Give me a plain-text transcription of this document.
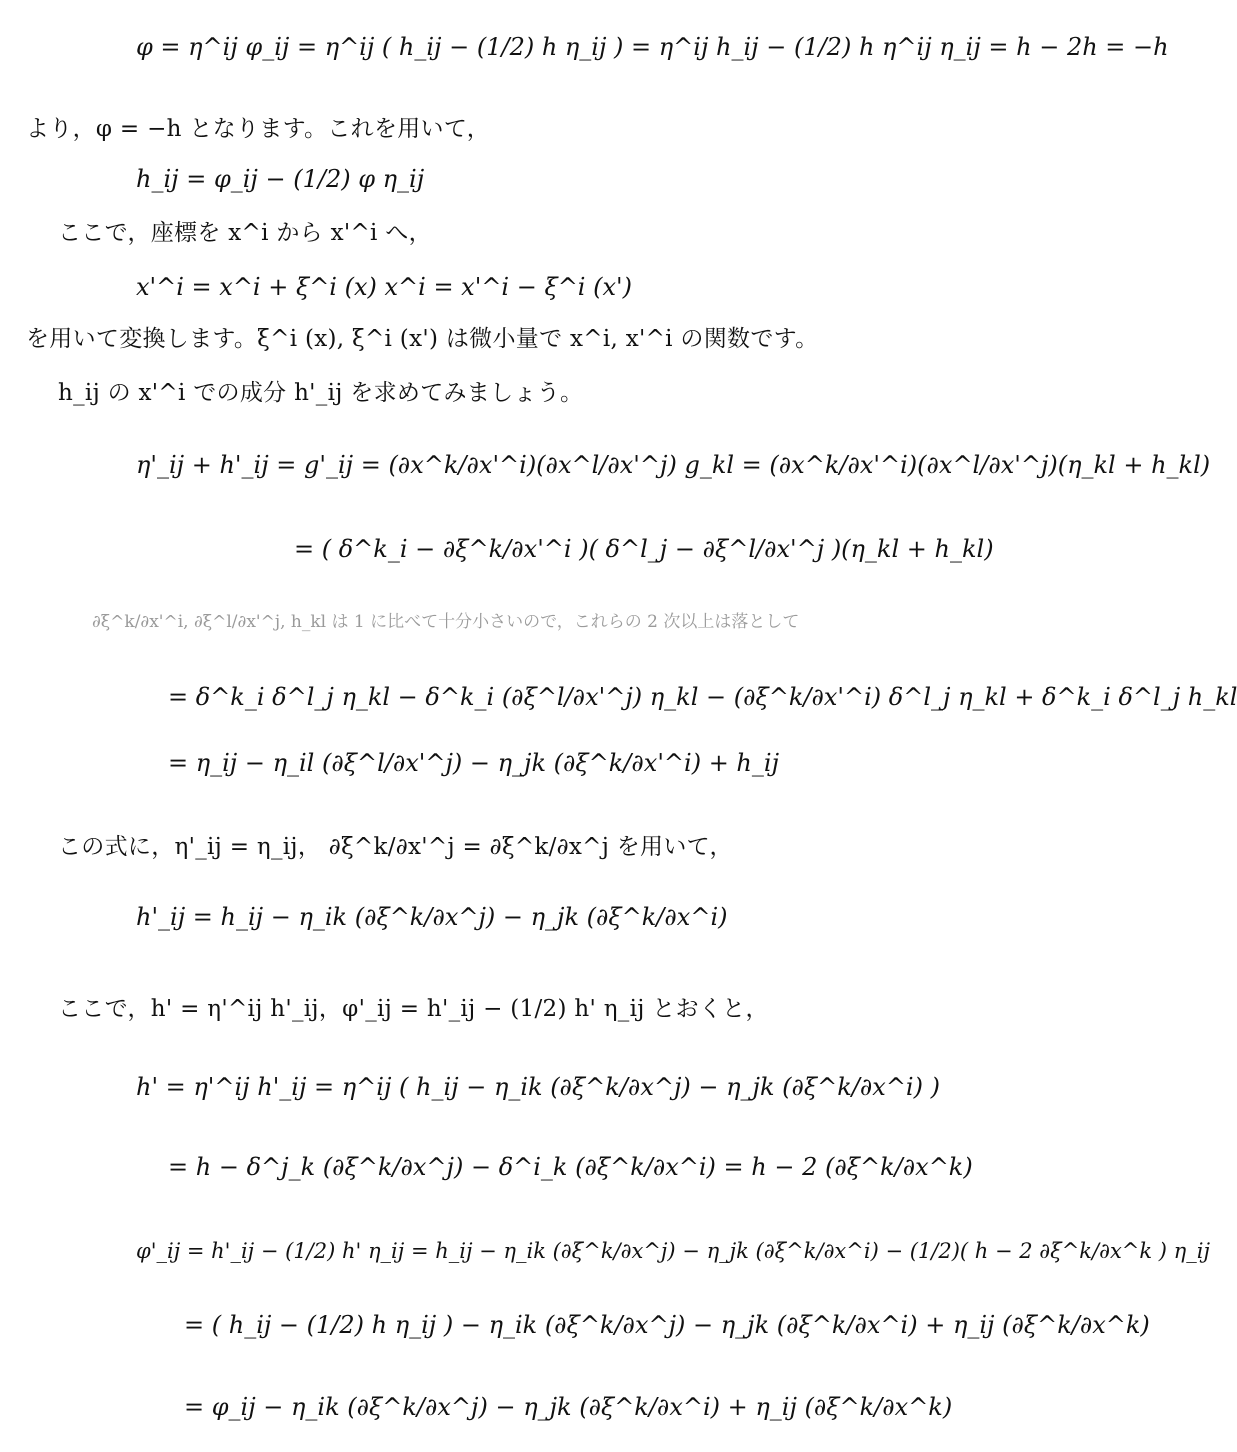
φ = η^ij φ_ij = η^ij ( h_ij − (1/2) h η_ij ) = η^ij h_ij − (1/2) h η^ij η_ij = h − 2h = −h
より，φ = −h となります。これを用いて，
h_ij = φ_ij − (1/2) φ η_ij
ここで，座標を x^i から x'^i へ，
x'^i = x^i + ξ^i (x) x^i = x'^i − ξ^i (x')
を用いて変換します。ξ^i (x), ξ^i (x') は微小量で x^i, x'^i の関数です。
h_ij の x'^i での成分 h'_ij を求めてみましょう。
η'_ij + h'_ij = g'_ij = (∂x^k/∂x'^i)(∂x^l/∂x'^j) g_kl = (∂x^k/∂x'^i)(∂x^l/∂x'^j)(η_kl + h_kl)
= ( δ^k_i − ∂ξ^k/∂x'^i )( δ^l_j − ∂ξ^l/∂x'^j )(η_kl + h_kl)
∂ξ^k/∂x'^i, ∂ξ^l/∂x'^j, h_kl は 1 に比べて十分小さいので，これらの 2 次以上は落として
= δ^k_i δ^l_j η_kl − δ^k_i (∂ξ^l/∂x'^j) η_kl − (∂ξ^k/∂x'^i) δ^l_j η_kl + δ^k_i δ^l_j h_kl
= η_ij − η_il (∂ξ^l/∂x'^j) − η_jk (∂ξ^k/∂x'^i) + h_ij
この式に，η'_ij = η_ij， ∂ξ^k/∂x'^j = ∂ξ^k/∂x^j を用いて，
h'_ij = h_ij − η_ik (∂ξ^k/∂x^j) − η_jk (∂ξ^k/∂x^i)
ここで，h' = η'^ij h'_ij，φ'_ij = h'_ij − (1/2) h' η_ij とおくと，
h' = η'^ij h'_ij = η^ij ( h_ij − η_ik (∂ξ^k/∂x^j) − η_jk (∂ξ^k/∂x^i) )
= h − δ^j_k (∂ξ^k/∂x^j) − δ^i_k (∂ξ^k/∂x^i) = h − 2 (∂ξ^k/∂x^k)
φ'_ij = h'_ij − (1/2) h' η_ij = h_ij − η_ik (∂ξ^k/∂x^j) − η_jk (∂ξ^k/∂x^i) − (1/2)( h − 2 ∂ξ^k/∂x^k ) η_ij
= ( h_ij − (1/2) h η_ij ) − η_ik (∂ξ^k/∂x^j) − η_jk (∂ξ^k/∂x^i) + η_ij (∂ξ^k/∂x^k)
= φ_ij − η_ik (∂ξ^k/∂x^j) − η_jk (∂ξ^k/∂x^i) + η_ij (∂ξ^k/∂x^k)
